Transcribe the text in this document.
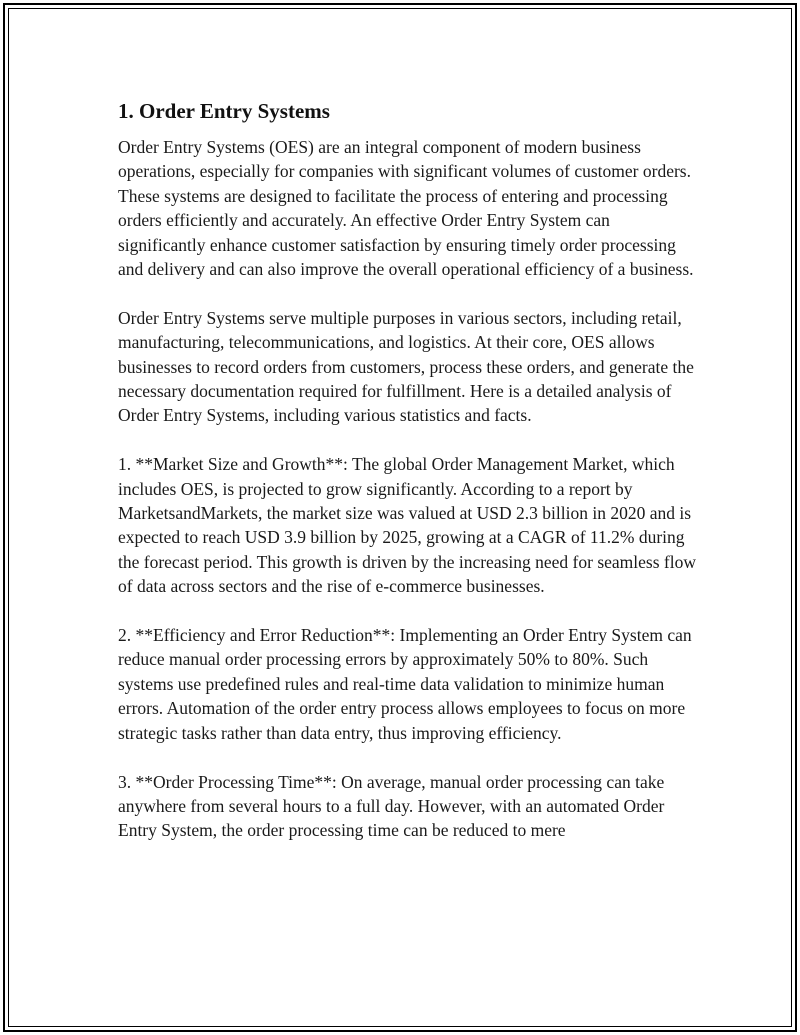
1. Order Entry Systems

Order Entry Systems (OES) are an integral component of modern business operations, especially for companies with significant volumes of customer orders. These systems are designed to facilitate the process of entering and processing orders efficiently and accurately. An effective Order Entry System can significantly enhance customer satisfaction by ensuring timely order processing and delivery and can also improve the overall operational efficiency of a business.

Order Entry Systems serve multiple purposes in various sectors, including retail, manufacturing, telecommunications, and logistics. At their core, OES allows businesses to record orders from customers, process these orders, and generate the necessary documentation required for fulfillment. Here is a detailed analysis of Order Entry Systems, including various statistics and facts.

1. **Market Size and Growth**: The global Order Management Market, which includes OES, is projected to grow significantly. According to a report by MarketsandMarkets, the market size was valued at USD 2.3 billion in 2020 and is expected to reach USD 3.9 billion by 2025, growing at a CAGR of 11.2% during the forecast period. This growth is driven by the increasing need for seamless flow of data across sectors and the rise of e-commerce businesses.

2. **Efficiency and Error Reduction**: Implementing an Order Entry System can reduce manual order processing errors by approximately 50% to 80%. Such systems use predefined rules and real-time data validation to minimize human errors. Automation of the order entry process allows employees to focus on more strategic tasks rather than data entry, thus improving efficiency.

3. **Order Processing Time**: On average, manual order processing can take anywhere from several hours to a full day. However, with an automated Order Entry System, the order processing time can be reduced to mere
